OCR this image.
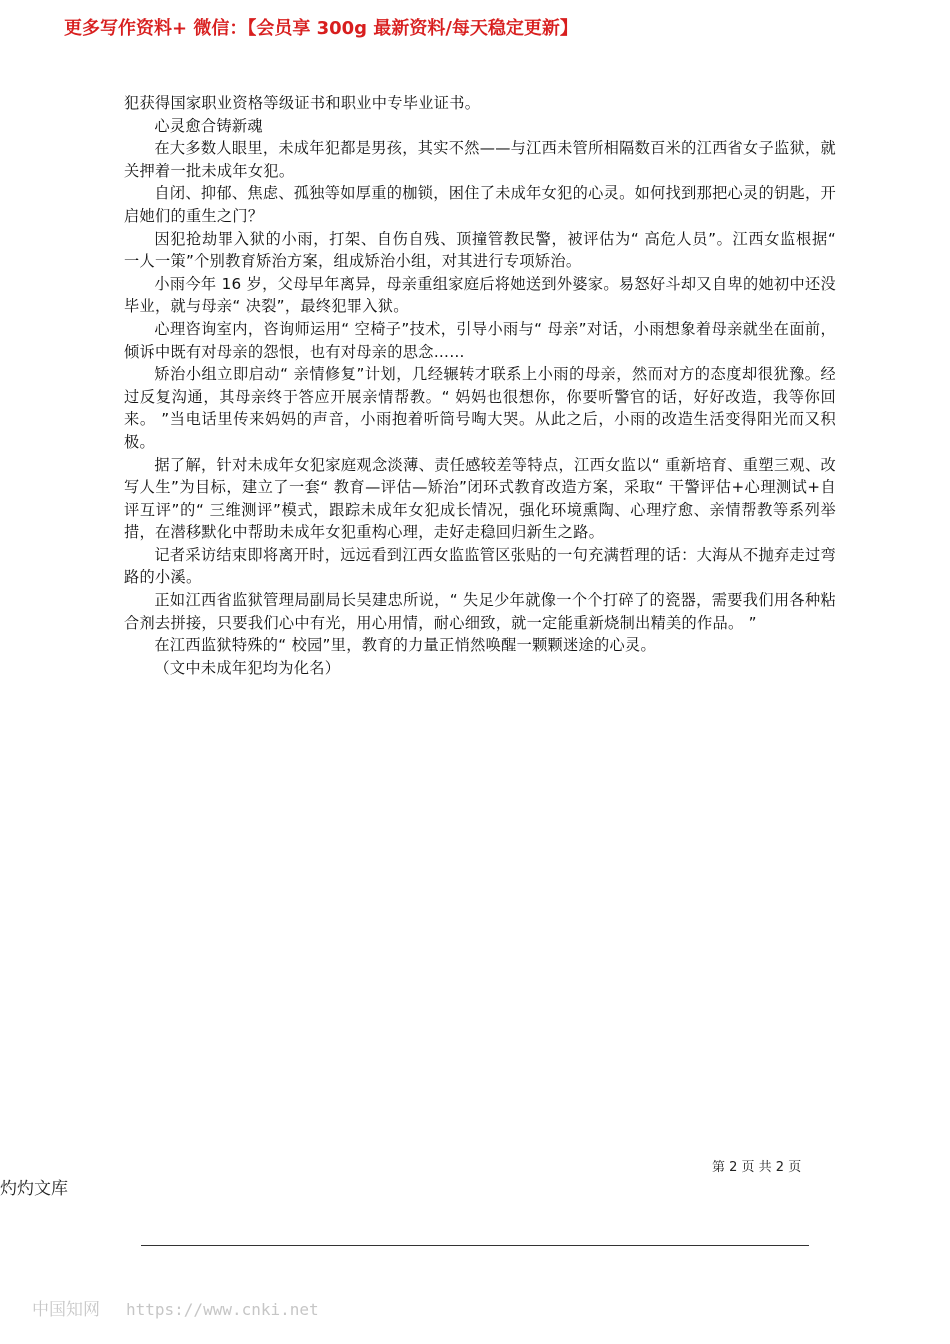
更多写作资料+ 微信：【会员享 300g 最新资料/每天稳定更新】

犯获得国家职业资格等级证书和职业中专毕业证书。

心灵愈合铸新魂

在大多数人眼里，未成年犯都是男孩，其实不然——与江西未管所相隔数百米的江西省女子监狱，就关押着一批未成年女犯。

自闭、抑郁、焦虑、孤独等如厚重的枷锁，困住了未成年女犯的心灵。如何找到那把心灵的钥匙，开启她们的重生之门？

因犯抢劫罪入狱的小雨，打架、自伤自残、顶撞管教民警，被评估为“ 高危人员”。江西女监根据“ 一人一策”个别教育矫治方案，组成矫治小组，对其进行专项矫治。

小雨今年 16 岁，父母早年离异，母亲重组家庭后将她送到外婆家。易怒好斗却又自卑的她初中还没毕业，就与母亲“ 决裂”，最终犯罪入狱。

心理咨询室内，咨询师运用“ 空椅子”技术，引导小雨与“ 母亲”对话，小雨想象着母亲就坐在面前，倾诉中既有对母亲的怨恨，也有对母亲的思念……

矫治小组立即启动“ 亲情修复”计划，几经辗转才联系上小雨的母亲，然而对方的态度却很犹豫。经过反复沟通，其母亲终于答应开展亲情帮教。“ 妈妈也很想你，你要听警官的话，好好改造，我等你回来。 ”当电话里传来妈妈的声音，小雨抱着听筒号啕大哭。从此之后，小雨的改造生活变得阳光而又积极。

据了解，针对未成年女犯家庭观念淡薄、责任感较差等特点，江西女监以“ 重新培育、重塑三观、改写人生”为目标，建立了一套“ 教育—评估—矫治”闭环式教育改造方案，采取“ 干警评估+心理测试+自评互评”的“ 三维测评”模式，跟踪未成年女犯成长情况，强化环境熏陶、心理疗愈、亲情帮教等系列举措，在潜移默化中帮助未成年女犯重构心理，走好走稳回归新生之路。

记者采访结束即将离开时，远远看到江西女监监管区张贴的一句充满哲理的话：大海从不抛弃走过弯路的小溪。

正如江西省监狱管理局副局长吴建忠所说，“ 失足少年就像一个个打碎了的瓷器，需要我们用各种粘合剂去拼接，只要我们心中有光，用心用情，耐心细致，就一定能重新烧制出精美的作品。 ”

在江西监狱特殊的“ 校园”里，教育的力量正悄然唤醒一颗颗迷途的心灵。

（文中未成年犯均为化名）

第 2 页 共 2 页
灼灼文库
中国知网 https://www.cnki.net
